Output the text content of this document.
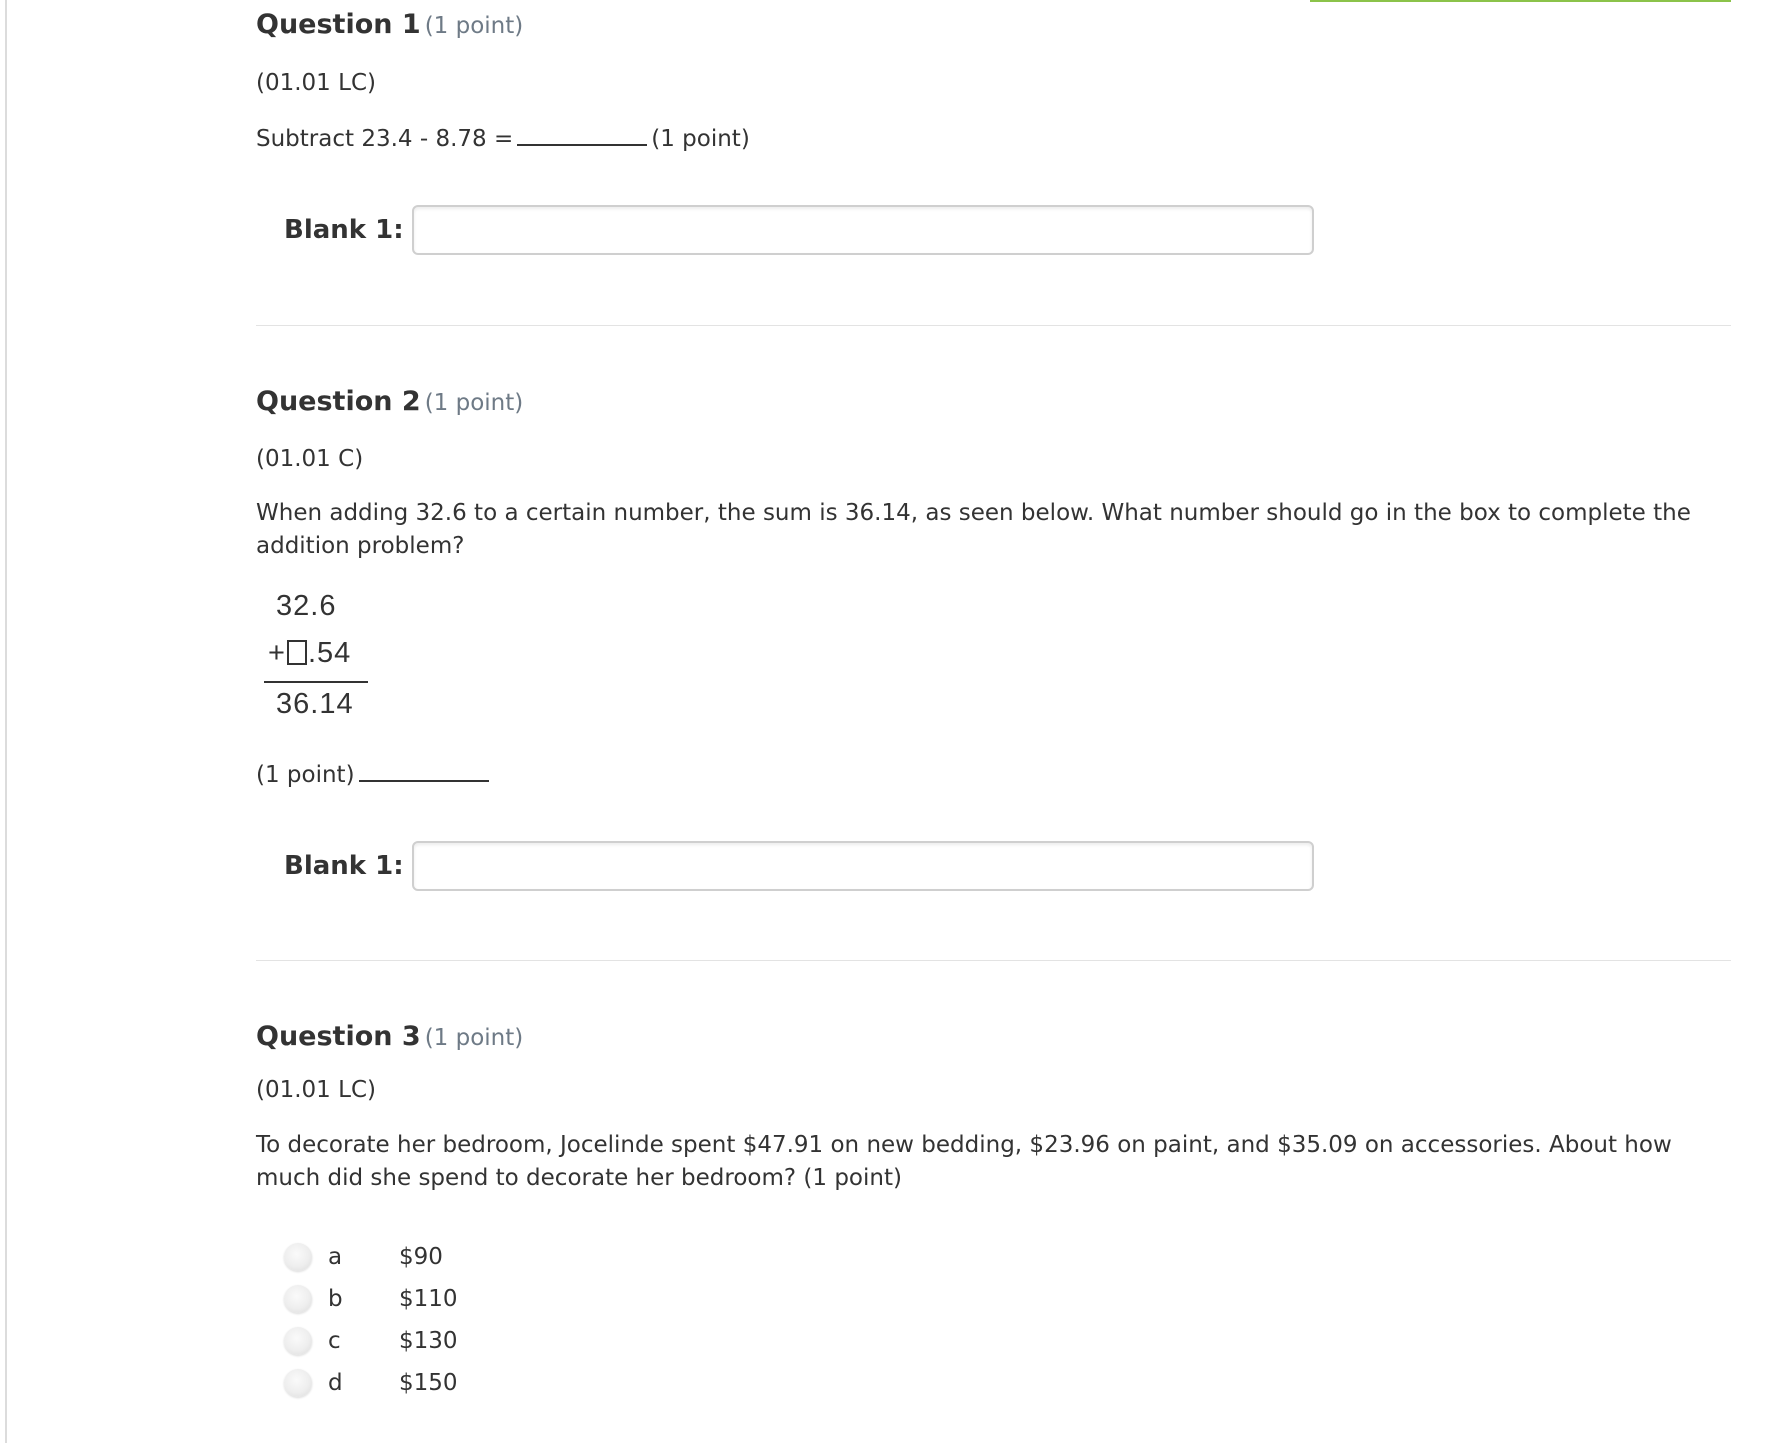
Question 1 (1 point)

(01.01 LC)

Subtract 23.4 - 8.78 =	(1 point)

Blank 1:
Question 2 (1 point)

(01.01 C)

When adding 32.6 to a certain number, the sum is 36.14, as seen below. What number should go in the box to complete the addition problem?

32.6
+ .54
36.14

(1 point)

Blank 1:
Question 3 (1 point)

(01.01 LC)

To decorate her bedroom, Jocelinde spent $47.91 on new bedding, $23.96 on paint, and $35.09 on accessories. About how much did she spend to decorate her bedroom? (1 point)

a $90
b $110
c	$130
d $150
